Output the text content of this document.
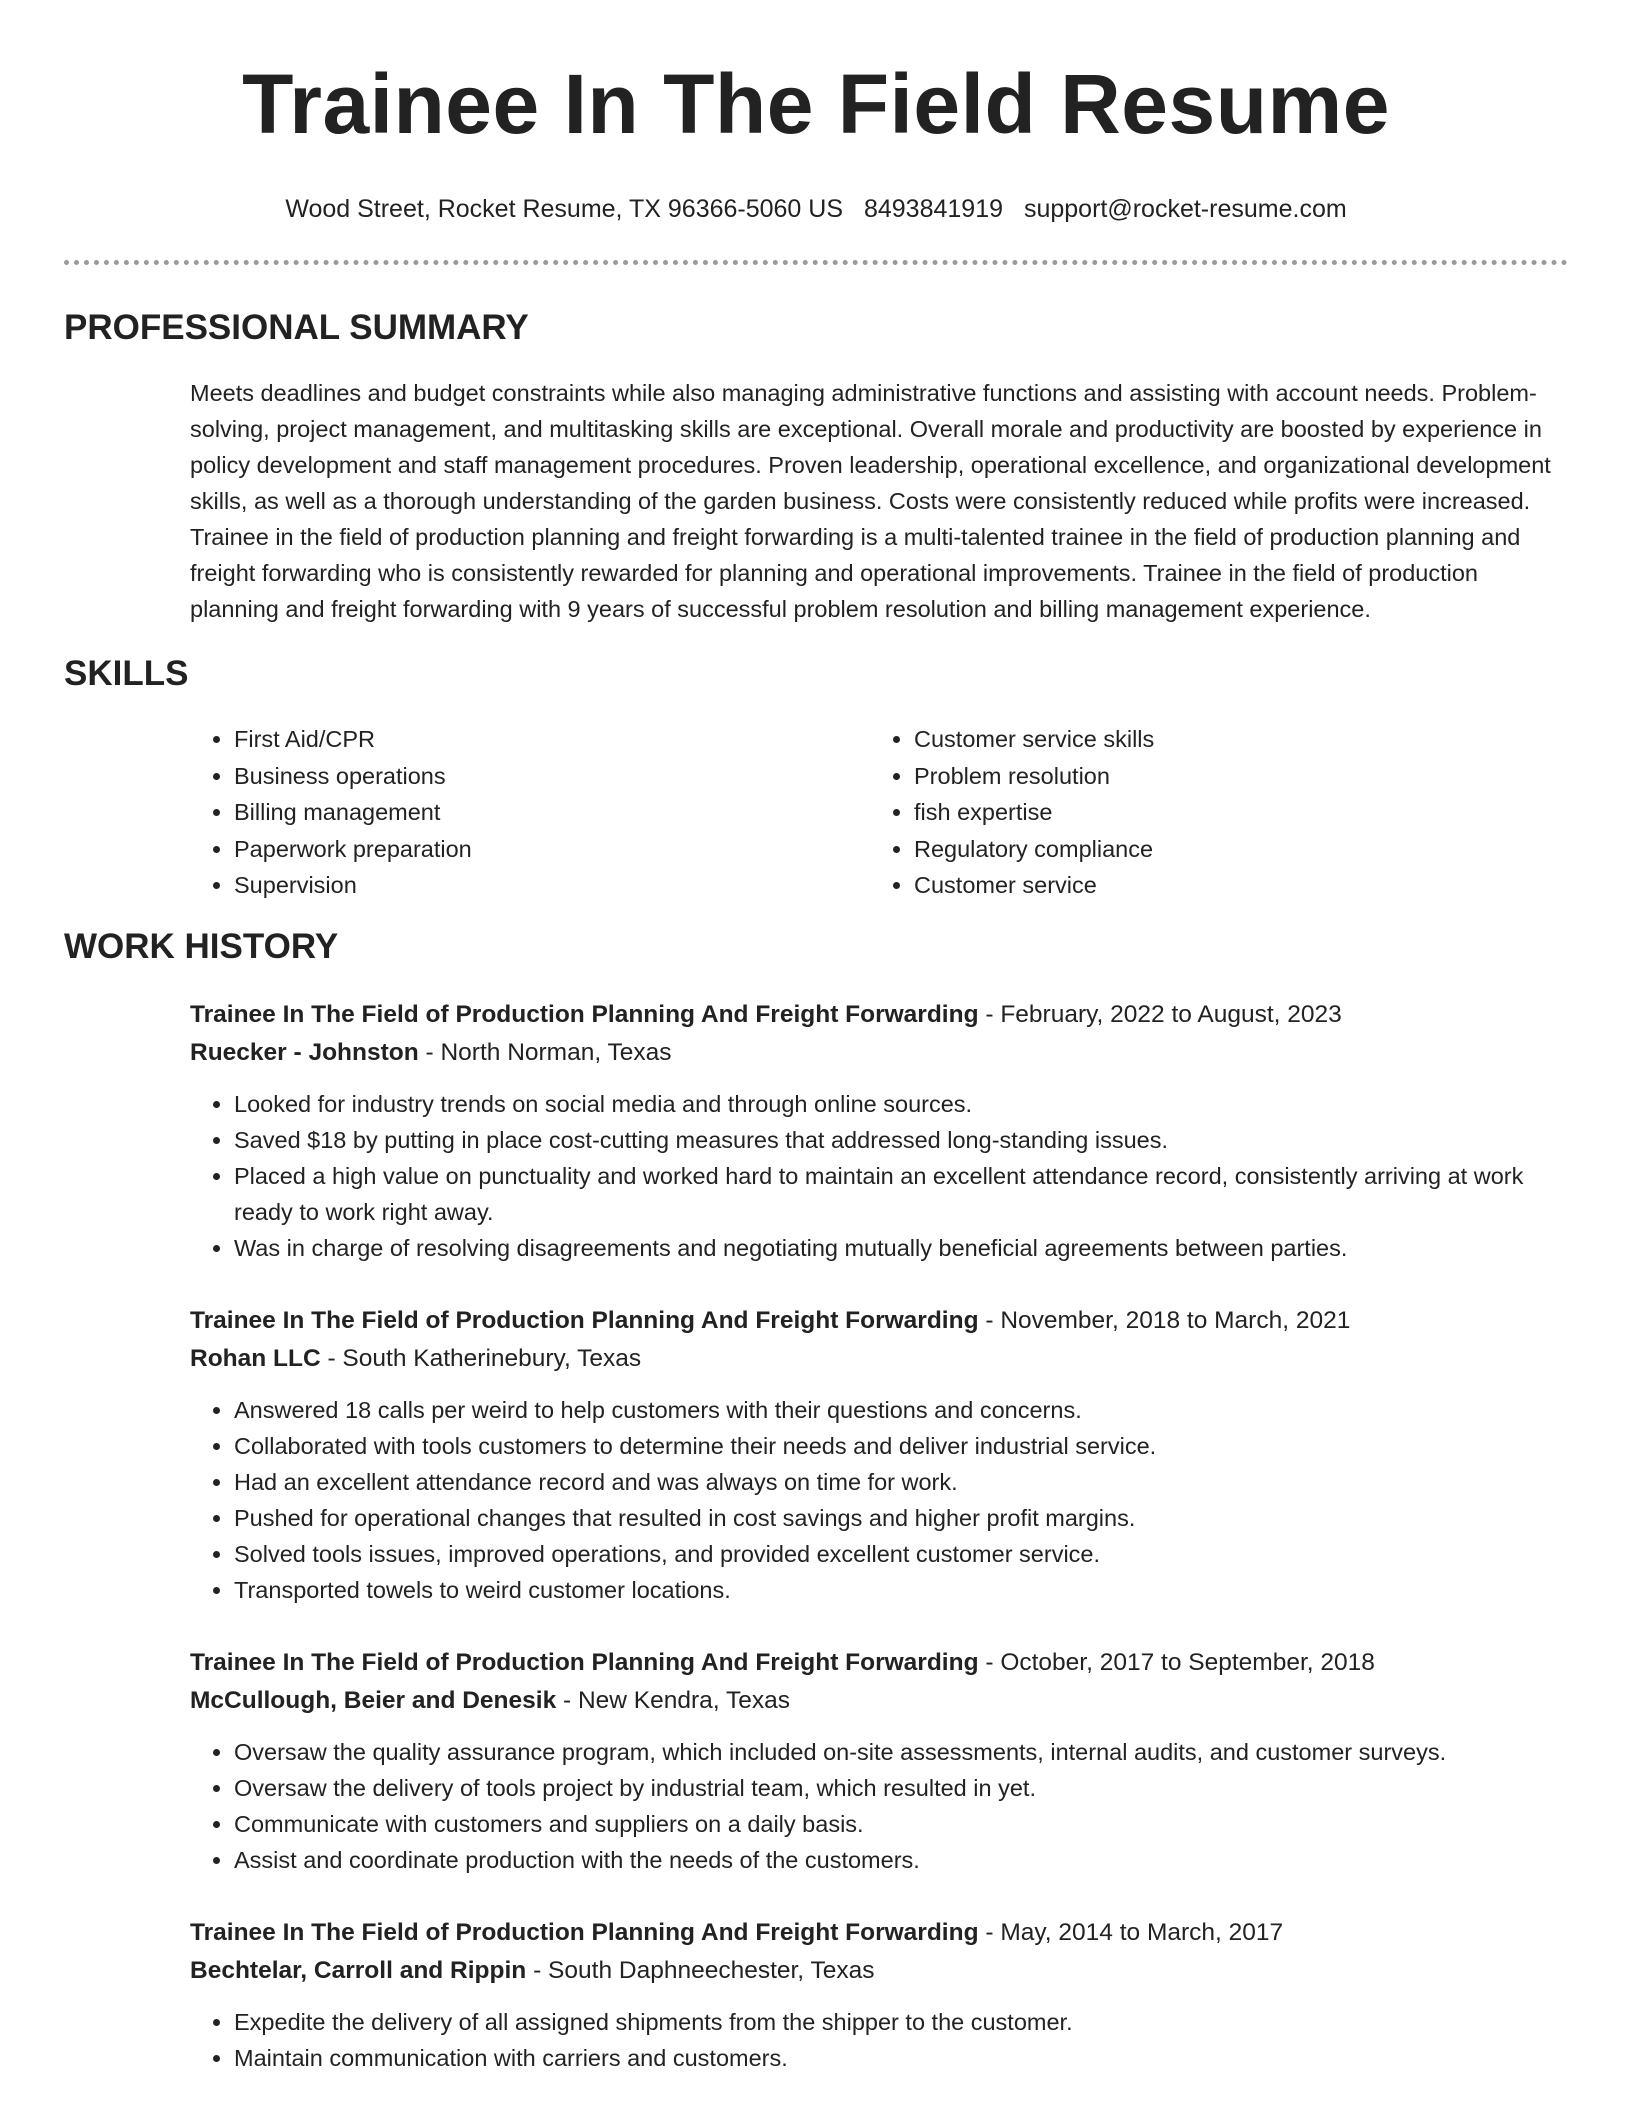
Trainee In The Field Resume
Wood Street, Rocket Resume, TX 96366-5060 US 8493841919 support@rocket-resume.com
PROFESSIONAL SUMMARY

Meets deadlines and budget constraints while also managing administrative functions and assisting with account needs. Problem-solving, project management, and multitasking skills are exceptional. Overall morale and productivity are boosted by experience in policy development and staff management procedures. Proven leadership, operational excellence, and organizational development skills, as well as a thorough understanding of the garden business. Costs were consistently reduced while profits were increased. Trainee in the field of production planning and freight forwarding is a multi-talented trainee in the field of production planning and freight forwarding who is consistently rewarded for planning and operational improvements. Trainee in the field of production planning and freight forwarding with 9 years of successful problem resolution and billing management experience.

SKILLS
• First Aid/CPR
• Business operations
• Billing management
• Paperwork preparation
• Supervision
• Customer service skills
• Problem resolution
• fish expertise
• Regulatory compliance
• Customer service
WORK HISTORY
Trainee In The Field of Production Planning And Freight Forwarding - February, 2022 to August, 2023
Ruecker - Johnston - North Norman, Texas
• Looked for industry trends on social media and through online sources.
• Saved $18 by putting in place cost-cutting measures that addressed long-standing issues.
• Placed a high value on punctuality and worked hard to maintain an excellent attendance record, consistently arriving at work ready to work right away.
• Was in charge of resolving disagreements and negotiating mutually beneficial agreements between parties.
Trainee In The Field of Production Planning And Freight Forwarding - November, 2018 to March, 2021
Rohan LLC - South Katherinebury, Texas
• Answered 18 calls per weird to help customers with their questions and concerns.
• Collaborated with tools customers to determine their needs and deliver industrial service.
• Had an excellent attendance record and was always on time for work.
• Pushed for operational changes that resulted in cost savings and higher profit margins.
• Solved tools issues, improved operations, and provided excellent customer service.
• Transported towels to weird customer locations.
Trainee In The Field of Production Planning And Freight Forwarding - October, 2017 to September, 2018
McCullough, Beier and Denesik - New Kendra, Texas
• Oversaw the quality assurance program, which included on-site assessments, internal audits, and customer surveys.
• Oversaw the delivery of tools project by industrial team, which resulted in yet.
• Communicate with customers and suppliers on a daily basis.
• Assist and coordinate production with the needs of the customers.
Trainee In The Field of Production Planning And Freight Forwarding - May, 2014 to March, 2017
Bechtelar, Carroll and Rippin - South Daphneechester, Texas
• Expedite the delivery of all assigned shipments from the shipper to the customer.
• Maintain communication with carriers and customers.
